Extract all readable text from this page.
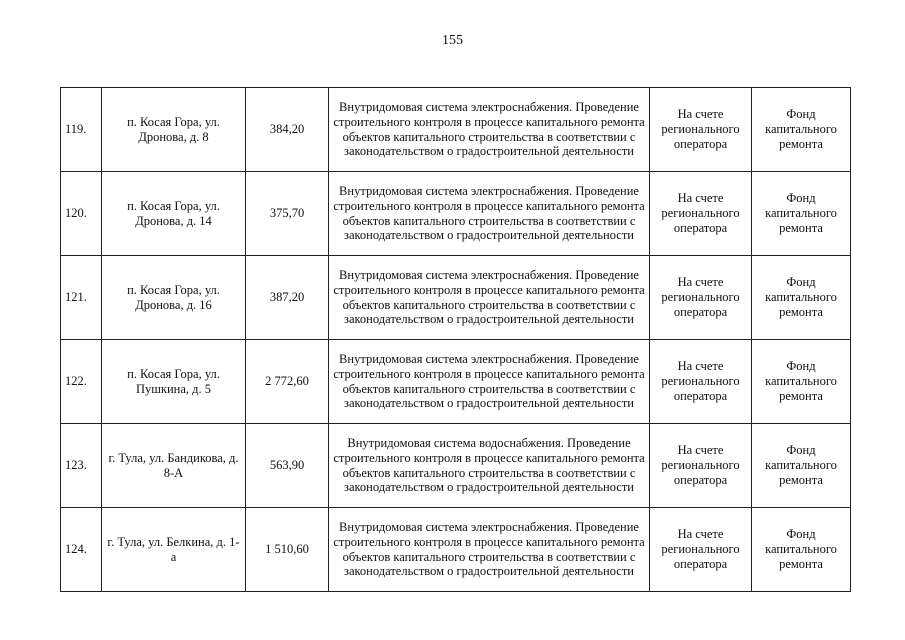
155
119.	п. Косая Гора, ул. Дронова, д. 8	384,20	Внутридомовая система электроснабжения. Проведение строительного контроля в процессе капитального ремонта объектов капитального строительства в соответствии с законодательством о градостроительной деятельности	На счете регионального оператора	Фонд капитального ремонта
120.	п. Косая Гора, ул. Дронова, д. 14	375,70	Внутридомовая система электроснабжения. Проведение строительного контроля в процессе капитального ремонта объектов капитального строительства в соответствии с законодательством о градостроительной деятельности	На счете регионального оператора	Фонд капитального ремонта
121.	п. Косая Гора, ул. Дронова, д. 16	387,20	Внутридомовая система электроснабжения. Проведение строительного контроля в процессе капитального ремонта объектов капитального строительства в соответствии с законодательством о градостроительной деятельности	На счете регионального оператора	Фонд капитального ремонта
122.	п. Косая Гора, ул. Пушкина, д. 5	2 772,60	Внутридомовая система электроснабжения. Проведение строительного контроля в процессе капитального ремонта объектов капитального строительства в соответствии с законодательством о градостроительной деятельности	На счете регионального оператора	Фонд капитального ремонта
123.	г. Тула, ул. Бандикова, д. 8-А	563,90	Внутридомовая система водоснабжения. Проведение строительного контроля в процессе капитального ремонта объектов капитального строительства в соответствии с законодательством о градостроительной деятельности	На счете регионального оператора	Фонд капитального ремонта
124.	г. Тула, ул. Белкина, д. 1-а	1 510,60	Внутридомовая система электроснабжения. Проведение строительного контроля в процессе капитального ремонта объектов капитального строительства в соответствии с законодательством о градостроительной деятельности	На счете регионального оператора	Фонд капитального ремонта
